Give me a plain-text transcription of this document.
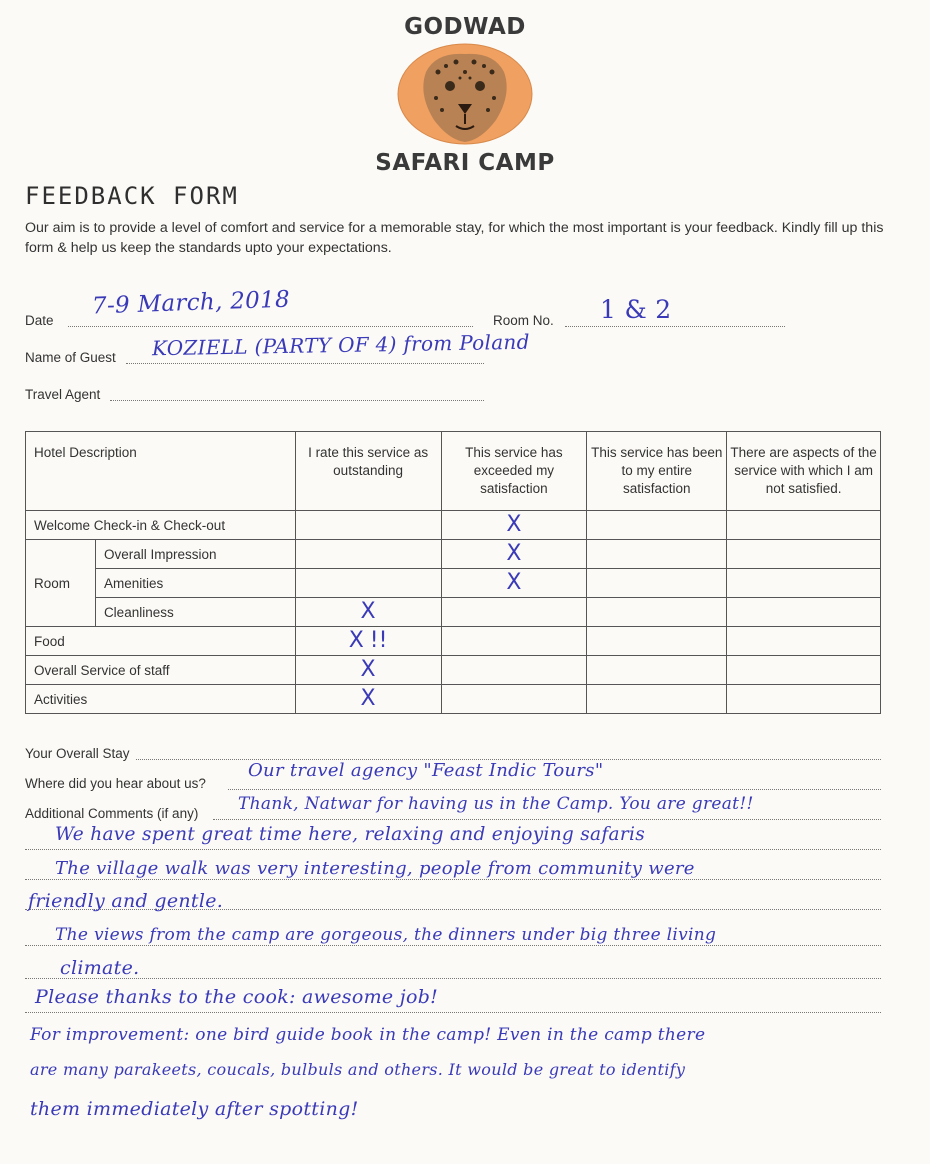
GODWAD
SAFARI CAMP
FEEDBACK FORM
Our aim is to provide a level of comfort and service for a memorable stay, for which the most important is your feedback. Kindly fill up this form & help us keep the standards upto your expectations.
Date
7-9 March, 2018
Room No. 1 & 2
Name of Guest KOZIELL (PARTY OF 4) from Poland
Travel Agent
Hotel Description		I rate this service as outstanding	This service has exceeded my satisfaction	This service has been to my entire satisfaction	There are aspects of the service with which I am not satisfied.
Welcome Check-in & Check-out			X		
Room	Overall Impression		X		
	Amenities		X		
	Cleanliness	X			
Food		X !!			
Overall Service of staff		X			
Activities		X			
Your Overall Stay
Where did you hear about us?
Our travel agency "Feast Indic Tours"
Additional Comments (if any) Thank, Natwar for having us in the Camp. You are great!!
We have spent great time here, relaxing and enjoying safaris
The village walk was very interesting, people from community were
friendly and gentle.
The views from the camp are gorgeous, the dinners under big three living
climate.
Please thanks to the cook: awesome job!
For improvement: one bird guide book in the camp! Even in the camp there
are many parakeets, coucals, bulbuls and others. It would be great to identify
them immediately after spotting!
